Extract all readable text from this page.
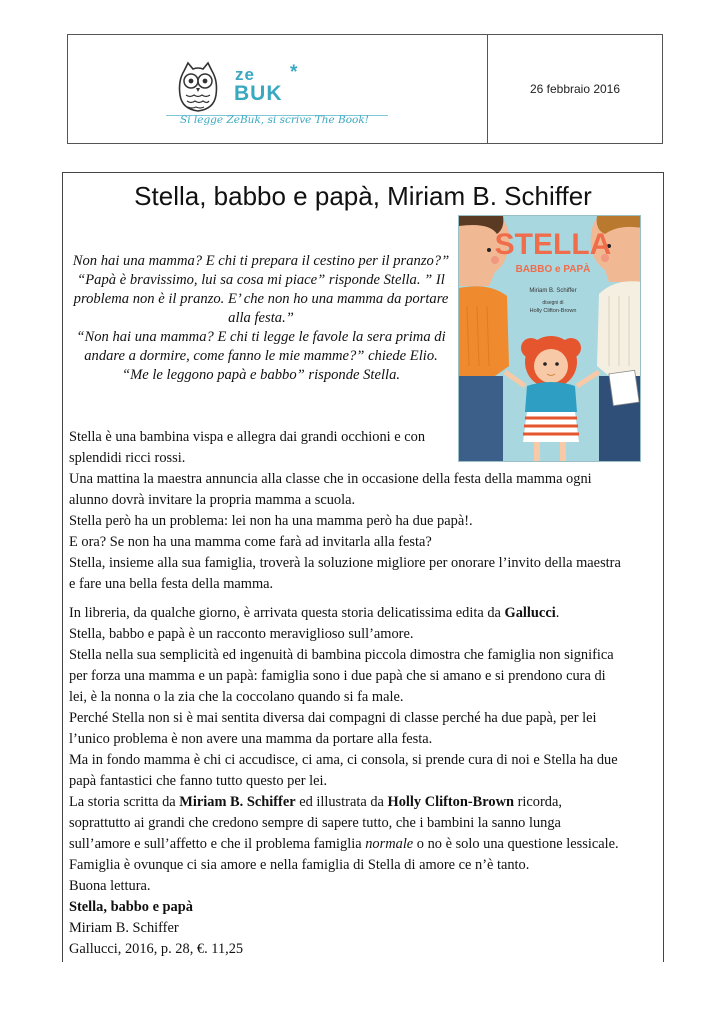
ze *
BUK
Si legge ZeBuk, si scrive The Book!
26 febbraio 2016
Stella, babbo e papà, Miriam B. Schiffer
STELLA
BABBO e PAPÀ
Miriam B. Schiffer
disegni di
Holly Clifton-Brown

Non hai una mamma? E chi ti prepara il cestino per il pranzo?”

“Papà è bravissimo, lui sa cosa mi piace” risponde Stella. ” Il

problema non è il pranzo. E’ che non ho una mamma da portare

alla festa.”

“Non hai una mamma? E chi ti legge le favole la sera prima di

andare a dormire, come fanno le mie mamme?” chiede Elio.

“Me le leggono papà e babbo” risponde Stella.

Stella è una bambina vispa e allegra dai grandi occhioni e con
splendidi ricci rossi.
Una mattina la maestra annuncia alla classe che in occasione della festa della mamma ogni
alunno dovrà invitare la propria mamma a scuola.
Stella però ha un problema: lei non ha una mamma però ha due papà!.
E ora? Se non ha una mamma come farà ad invitarla alla festa?
Stella, insieme alla sua famiglia, troverà la soluzione migliore per onorare l’invito della maestra
e fare una bella festa della mamma.
In libreria, da qualche giorno, è arrivata questa storia delicatissima edita da Gallucci.
Stella, babbo e papà è un racconto meraviglioso sull’amore.
Stella nella sua semplicità ed ingenuità di bambina piccola dimostra che famiglia non significa
per forza una mamma e un papà: famiglia sono i due papà che si amano e si prendono cura di
lei, è la nonna o la zia che la coccolano quando si fa male.
Perché Stella non si è mai sentita diversa dai compagni di classe perché ha due papà, per lei
l’unico problema è non avere una mamma da portare alla festa.
Ma in fondo mamma è chi ci accudisce, ci ama, ci consola, si prende cura di noi e Stella ha due
papà fantastici che fanno tutto questo per lei.
La storia scritta da Miriam B. Schiffer ed illustrata da Holly Clifton-Brown ricorda,
soprattutto ai grandi che credono sempre di sapere tutto, che i bambini la sanno lunga
sull’amore e sull’affetto e che il problema famiglia normale o no è solo una questione lessicale.
Famiglia è ovunque ci sia amore e nella famiglia di Stella di amore ce n’è tanto.
Buona lettura.
Stella, babbo e papà
Miriam B. Schiffer
Gallucci, 2016, p. 28, €. 11,25
